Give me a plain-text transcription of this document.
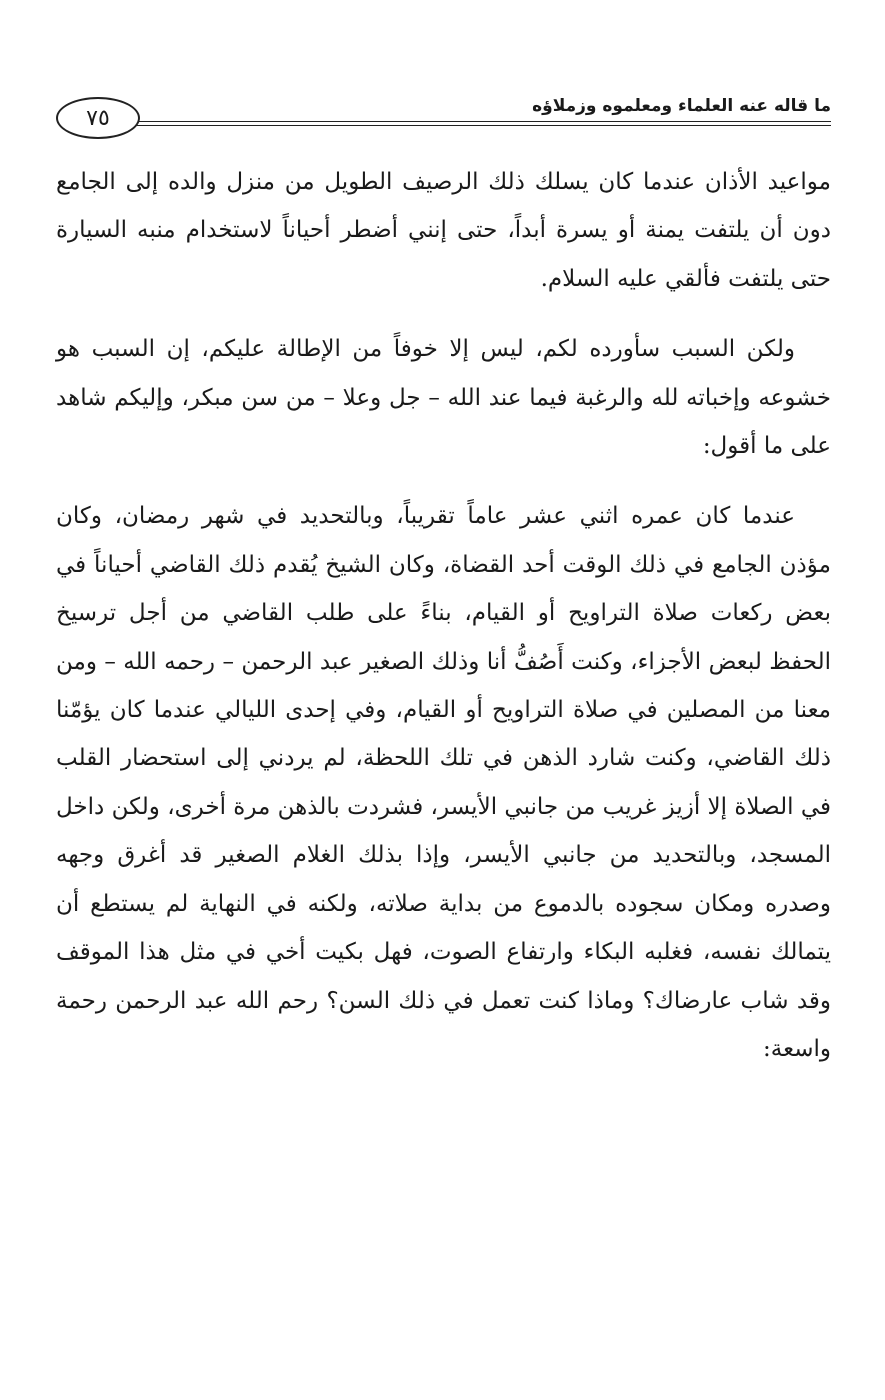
ما قاله عنه العلماء ومعلموه وزملاؤه
٧٥

مواعيد الأذان عندما كان يسلك ذلك الرصيف الطويل من منزل والده إلى الجامع دون أن يلتفت يمنة أو يسرة أبداً، حتى إنني أضطر أحياناً لاستخدام منبه السيارة حتى يلتفت فألقي عليه السلام.

ولكن السبب سأورده لكم، ليس إلا خوفاً من الإطالة عليكم، إن السبب هو خشوعه وإخباته لله والرغبة فيما عند الله – جل وعلا – من سن مبكر، وإليكم شاهد على ما أقول:

عندما كان عمره اثني عشر عاماً تقريباً، وبالتحديد في شهر رمضان، وكان مؤذن الجامع في ذلك الوقت أحد القضاة، وكان الشيخ يُقدم ذلك القاضي أحياناً في بعض ركعات صلاة التراويح أو القيام، بناءً على طلب القاضي من أجل ترسيخ الحفظ لبعض الأجزاء، وكنت أَصُفُّ أنا وذلك الصغير عبد الرحمن – رحمه الله – ومن معنا من المصلين في صلاة التراويح أو القيام، وفي إحدى الليالي عندما كان يؤمّنا ذلك القاضي، وكنت شارد الذهن في تلك اللحظة، لم يردني إلى استحضار القلب في الصلاة إلا أزيز غريب من جانبي الأيسر، فشردت بالذهن مرة أخرى، ولكن داخل المسجد، وبالتحديد من جانبي الأيسر، وإذا بذلك الغلام الصغير قد أغرق وجهه وصدره ومكان سجوده بالدموع من بداية صلاته، ولكنه في النهاية لم يستطع أن يتمالك نفسه، فغلبه البكاء وارتفاع الصوت، فهل بكيت أخي في مثل هذا الموقف وقد شاب عارضاك؟ وماذا كنت تعمل في ذلك السن؟ رحم الله عبد الرحمن رحمة واسعة:
